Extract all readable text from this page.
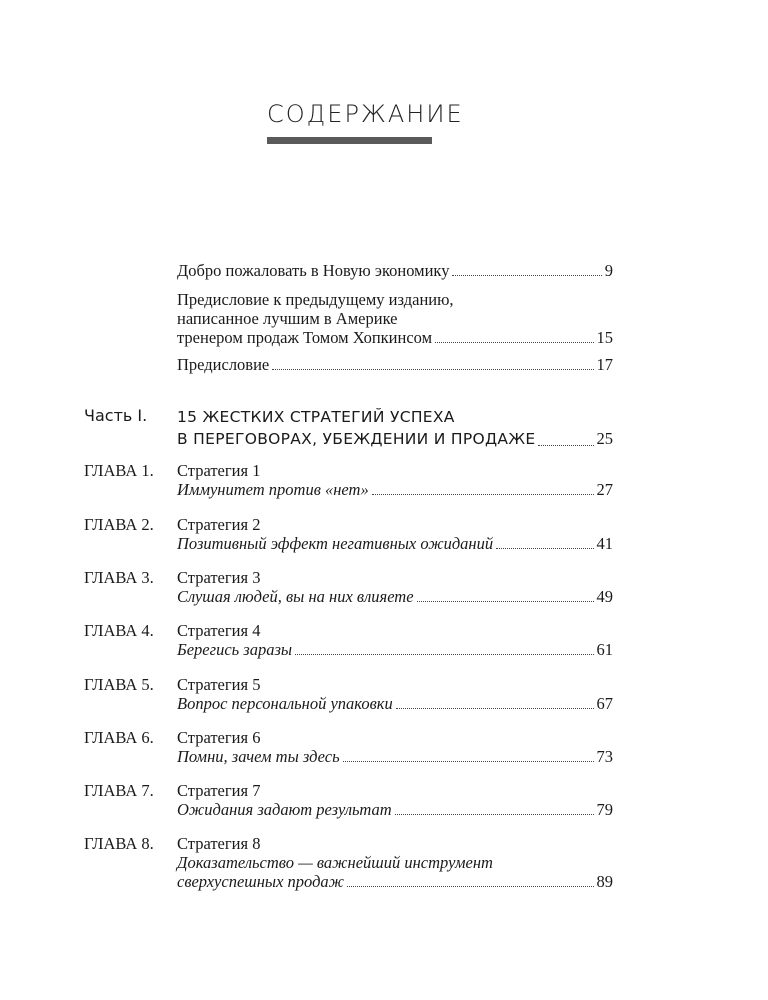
СОДЕРЖАНИЕ
Добро пожаловать в Новую экономику	9
Предисловие к предыдущему изданию,
написанное лучшим в Америке
тренером продаж Томом Хопкинсом	15
Предисловие	17
Часть I. 15 ЖЕСТКИХ СТРАТЕГИЙ УСПЕХА
В ПЕРЕГОВОРАХ, УБЕЖДЕНИИ И ПРОДАЖЕ	25
ГЛАВА 1. Стратегия 1
Иммунитет против «нет»	27
ГЛАВА 2. Стратегия 2
Позитивный эффект негативных ожиданий	41
ГЛАВА 3. Стратегия 3
Слушая людей, вы на них влияете	49
ГЛАВА 4. Стратегия 4
Берегись заразы	61
ГЛАВА 5. Стратегия 5
Вопрос персональной упаковки	67
ГЛАВА 6. Стратегия 6
Помни, зачем ты здесь	73
ГЛАВА 7. Стратегия 7
Ожидания задают результат	79
ГЛАВА 8. Стратегия 8
Доказательство — важнейший инструмент
сверхуспешных продаж	89
